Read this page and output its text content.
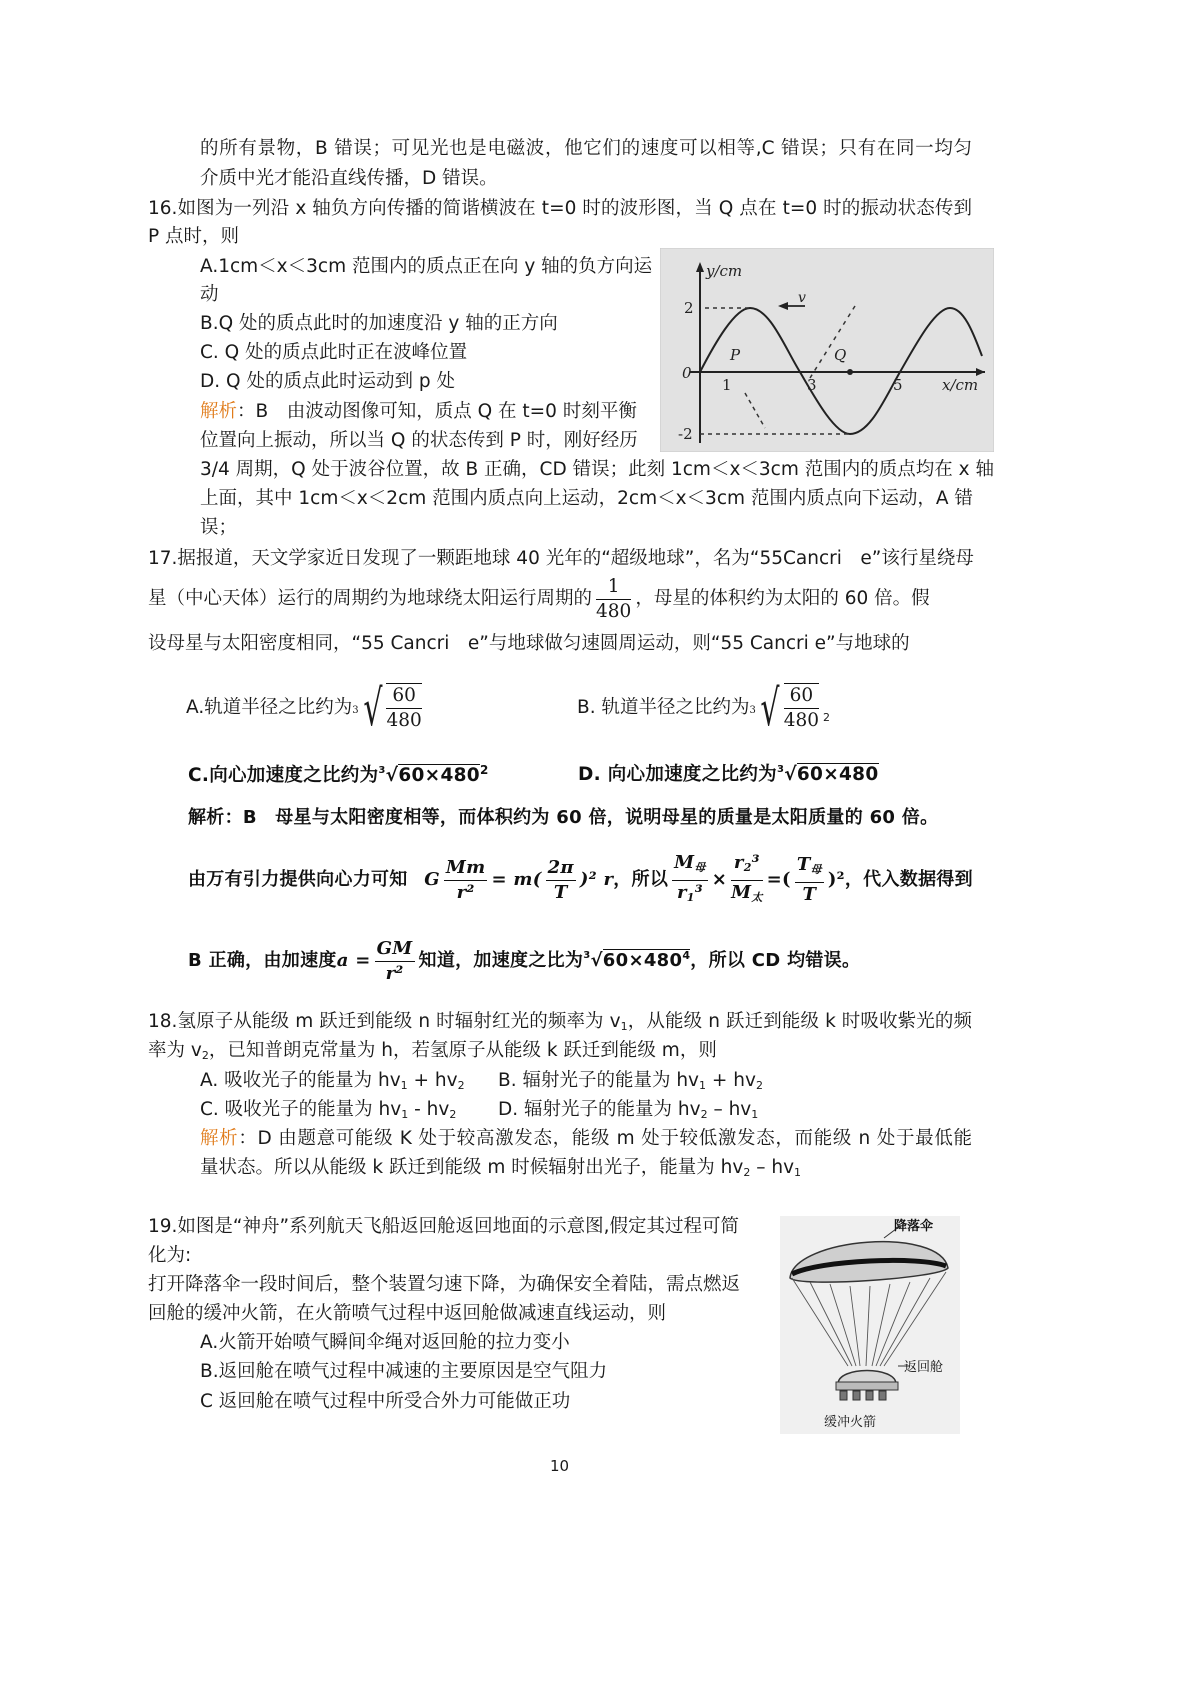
的所有景物，B 错误；可见光也是电磁波，他它们的速度可以相等,C 错误；只有在同一均匀
介质中光才能沿直线传播，D 错误。
16.如图为一列沿 x 轴负方向传播的简谐横波在 t=0 时的波形图，当 Q 点在 t=0 时的振动状态传到
P 点时，则
A.1cm＜x＜3cm 范围内的质点正在向 y 轴的负方向运
动
B.Q 处的质点此时的加速度沿 y 轴的正方向
C. Q 处的质点此时正在波峰位置
D. Q 处的质点此时运动到 p 处
解析：B　由波动图像可知，质点 Q 在 t=0 时刻平衡
位置向上振动，所以当 Q 的状态传到 P 时，刚好经历
3/4 周期，Q 处于波谷位置，故 B 正确，CD 错误；此刻 1cm＜x＜3cm 范围内的质点均在 x 轴
上面，其中 1cm＜x＜2cm 范围内质点向上运动，2cm＜x＜3cm 范围内质点向下运动，A 错
误；
v
y/cm
x/cm
2
0
-2
1	3	5
P	Q
17.据报道，天文学家近日发现了一颗距地球 40 光年的“超级地球”，名为“55Cancri　e”该行星绕母
星（中心天体）运行的周期约为地球绕太阳运行周期的 $\frac{1}{480}$ ，母星的体积约为太阳的 60 倍。假
设母星与太阳密度相同，“55 Cancri　e”与地球做匀速圆周运动，则“55 Cancri e”与地球的
A.轨道半径之比约为 3 √ 60
480
B. 轨道半径之比约为 3 √ 60
480 $_2$
C.向心加速度之比约为$^3√60\times 480^2$	D. 向心加速度之比约为$^3$√60×480
解析：B　母星与太阳密度相等，而体积约为 60 倍，说明母星的质量是太阳质量的 60 倍。
由万有引力提供向心力可知 G $\frac{Mm}{\text{r²}} = m( \frac{2\pi}{T} )^2$ r，所以
$M_母$
$r_1^3$
×
$r_2^3$
$M_太$
=(
$T_母$
T
)²，代入数据得到
B 正确，由加速度$a = \frac{GM}{\text{r²}}$ 知道，加速度之比为$^3√60\times 480^4$，所以 CD 均错误。
18.氢原子从能级 m 跃迁到能级 n 时辐射红光的频率为 $v_1$，从能级 n 跃迁到能级 k 时吸收紫光的频
率为 $v_2$，已知普朗克常量为 h，若氢原子从能级 k 跃迁到能级 m，则
A. 吸收光子的能量为 $hv_1 + hv_2$ B. 辐射光子的能量为 $hv_1 + hv_2$
C. 吸收光子的能量为 $hv_1 - hv_2$ D. 辐射光子的能量为 $hv_2 - hv_1$
解析：D 由题意可能级 K 处于较高激发态，能级 m 处于较低激发态，而能级 n 处于最低能
量状态。所以从能级 k 跃迁到能级 m 时候辐射出光子，能量为 $hv_2 - hv_1$
19.如图是“神舟”系列航天飞船返回舱返回地面的示意图,假定其过程可简
化为:
打开降落伞一段时间后，整个装置匀速下降，为确保安全着陆，需点燃返
回舱的缓冲火箭，在火箭喷气过程中返回舱做减速直线运动，则
A.火箭开始喷气瞬间伞绳对返回舱的拉力变小
B.返回舱在喷气过程中减速的主要原因是空气阻力
C 返回舱在喷气过程中所受合外力可能做正功
降落伞
返回舱
缓冲火箭
10
